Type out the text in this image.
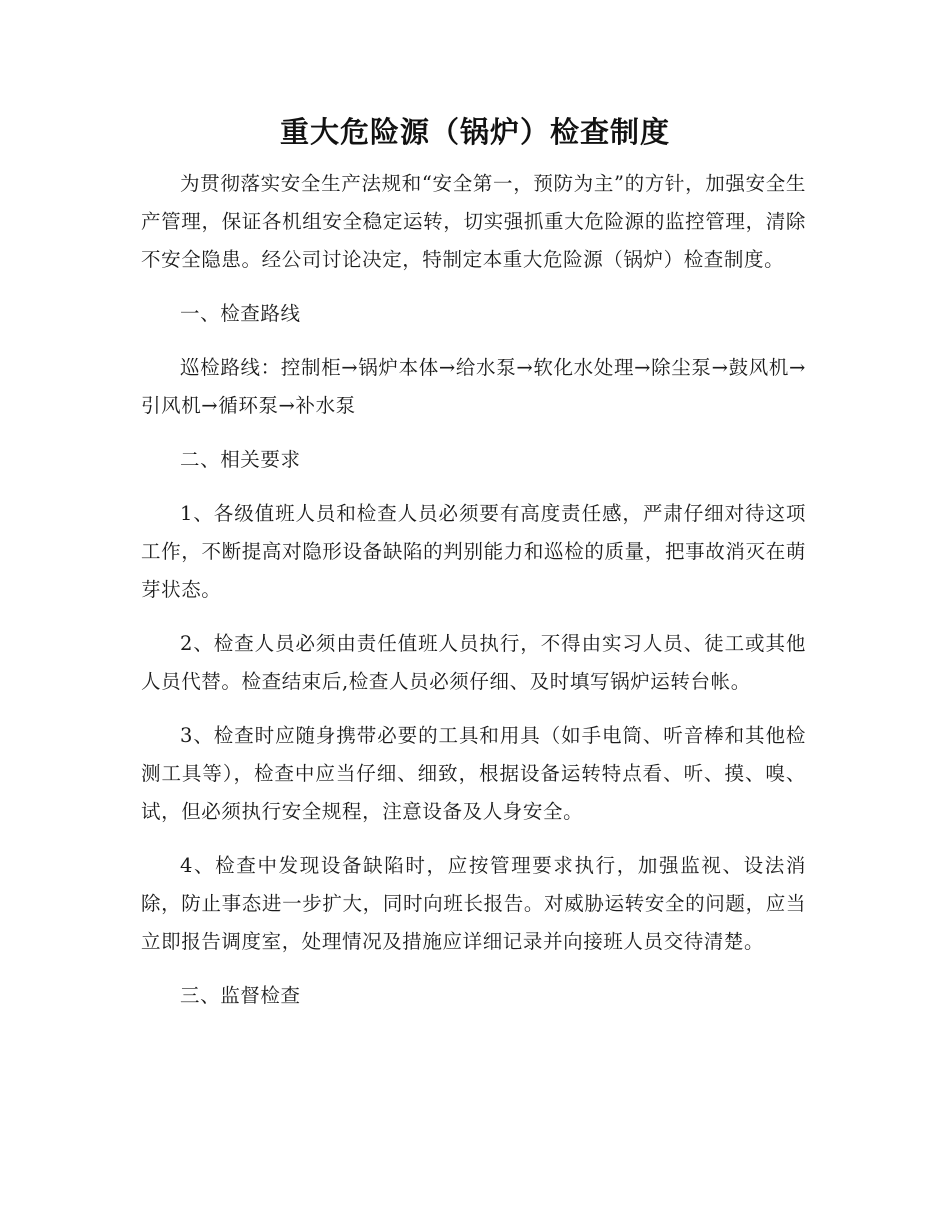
重大危险源（锅炉）检查制度

为贯彻落实安全生产法规和“安全第一，预防为主”的方针，加强安全生产管理，保证各机组安全稳定运转，切实强抓重大危险源的监控管理，清除不安全隐患。经公司讨论决定，特制定本重大危险源（锅炉）检查制度。

一、检查路线

巡检路线：控制柜→锅炉本体→给水泵→软化水处理→除尘泵→鼓风机→引风机→循环泵→补水泵

二、相关要求

1、各级值班人员和检查人员必须要有高度责任感，严肃仔细对待这项工作，不断提高对隐形设备缺陷的判别能力和巡检的质量，把事故消灭在萌芽状态。

2、检查人员必须由责任值班人员执行，不得由实习人员、徒工或其他人员代替。检查结束后,检查人员必须仔细、及时填写锅炉运转台帐。

3、检查时应随身携带必要的工具和用具（如手电筒、听音棒和其他检测工具等），检查中应当仔细、细致，根据设备运转特点看、听、摸、嗅、试，但必须执行安全规程，注意设备及人身安全。

4、检查中发现设备缺陷时，应按管理要求执行，加强监视、设法消除，防止事态进一步扩大，同时向班长报告。对威胁运转安全的问题，应当立即报告调度室，处理情况及措施应详细记录并向接班人员交待清楚。

三、监督检查
